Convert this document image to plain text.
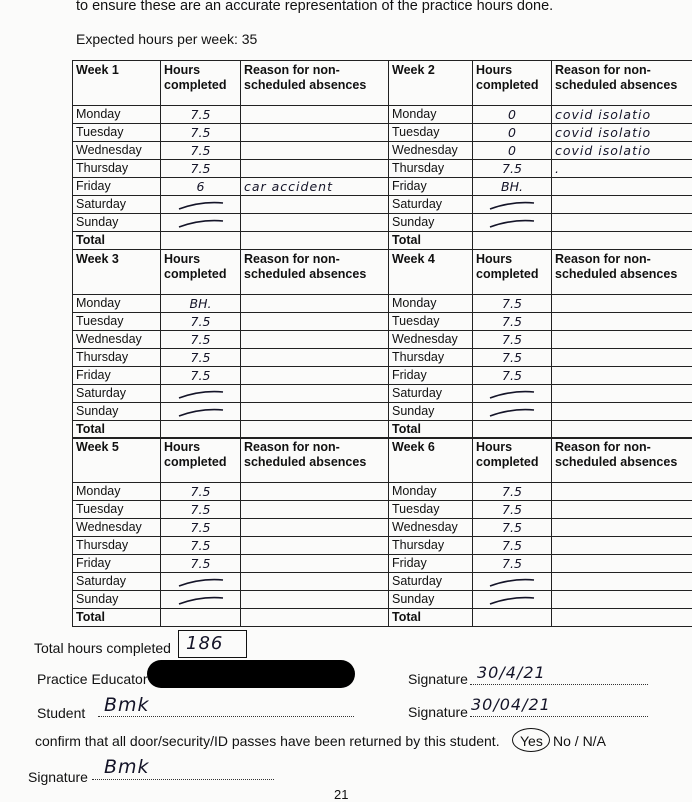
to ensure these are an accurate representation of the practice hours done.
Expected hours per week: 35
Week 1	Hours completed	Reason for non-scheduled absences	Week 2	Hours completed	Reason for non-scheduled absences
Monday	7.5		Monday	0	covid isolatio
Tuesday	7.5		Tuesday	0	covid isolatio
Wednesday	7.5		Wednesday	0	covid isolatio
Thursday	7.5		Thursday	7.5	.
Friday	6	car accident	Friday	BH.	
Saturday			Saturday	

Sunday			Sunday	

Total			Total		
Week 3	Hours completed	Reason for non-scheduled absences	Week 4	Hours completed	Reason for non-scheduled absences
Monday	BH.		Monday	7.5	
Tuesday	7.5		Tuesday	7.5	
Wednesday	7.5		Wednesday	7.5	
Thursday	7.5		Thursday	7.5	
Friday	7.5		Friday	7.5	
Saturday			Saturday	

Sunday			Sunday	

Total			Total		
Week 5	Hours completed	Reason for non-scheduled absences	Week 6	Hours completed	Reason for non-scheduled absences
Monday	7.5		Monday	7.5	
Tuesday	7.5		Tuesday	7.5	
Wednesday	7.5		Wednesday	7.5	
Thursday	7.5		Thursday	7.5	
Friday	7.5		Friday	7.5	
Saturday			Saturday	

Sunday			Sunday	

Total			Total		
Total hours completed 186
Practice Educator	Signature 30/4/21
Student Bmk	Signature 30/04/21
confirm that all door/security/ID passes have been returned by this student. Yes No / N/A
Signature Bmk
21
